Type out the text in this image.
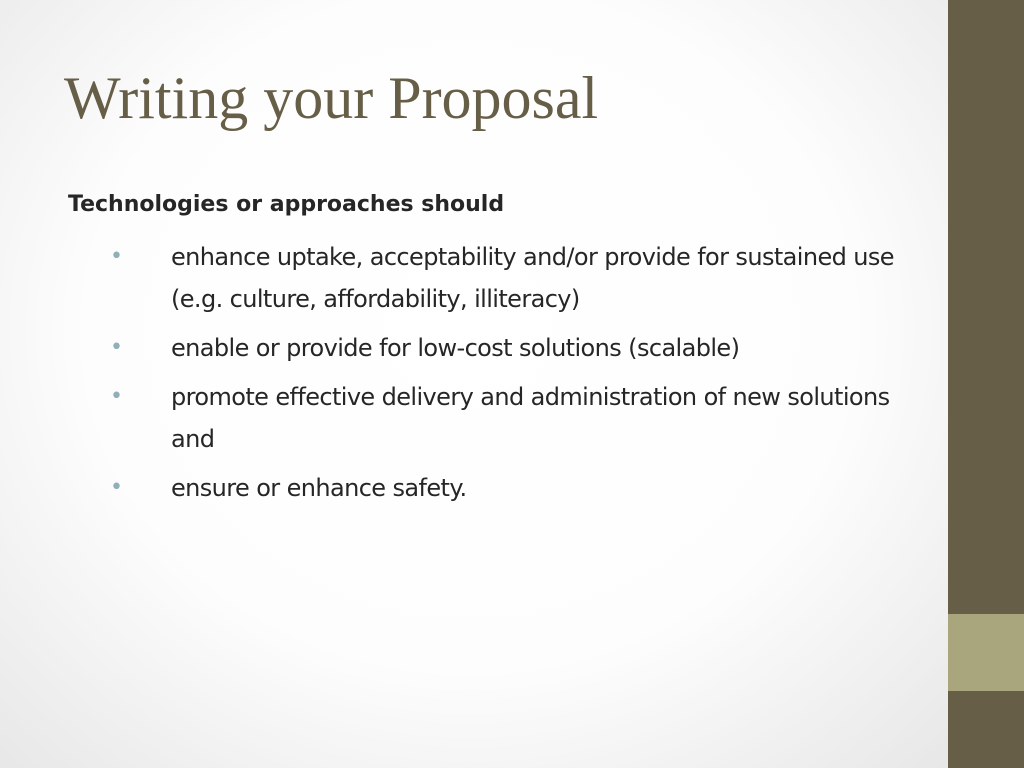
Writing your Proposal

Technologies or approaches should

• enhance uptake, acceptability and/or provide for sustained use (e.g. culture, affordability, illiteracy)
• enable or provide for low-cost solutions (scalable)
• promote effective delivery and administration of new solutions and
• ensure or enhance safety.
